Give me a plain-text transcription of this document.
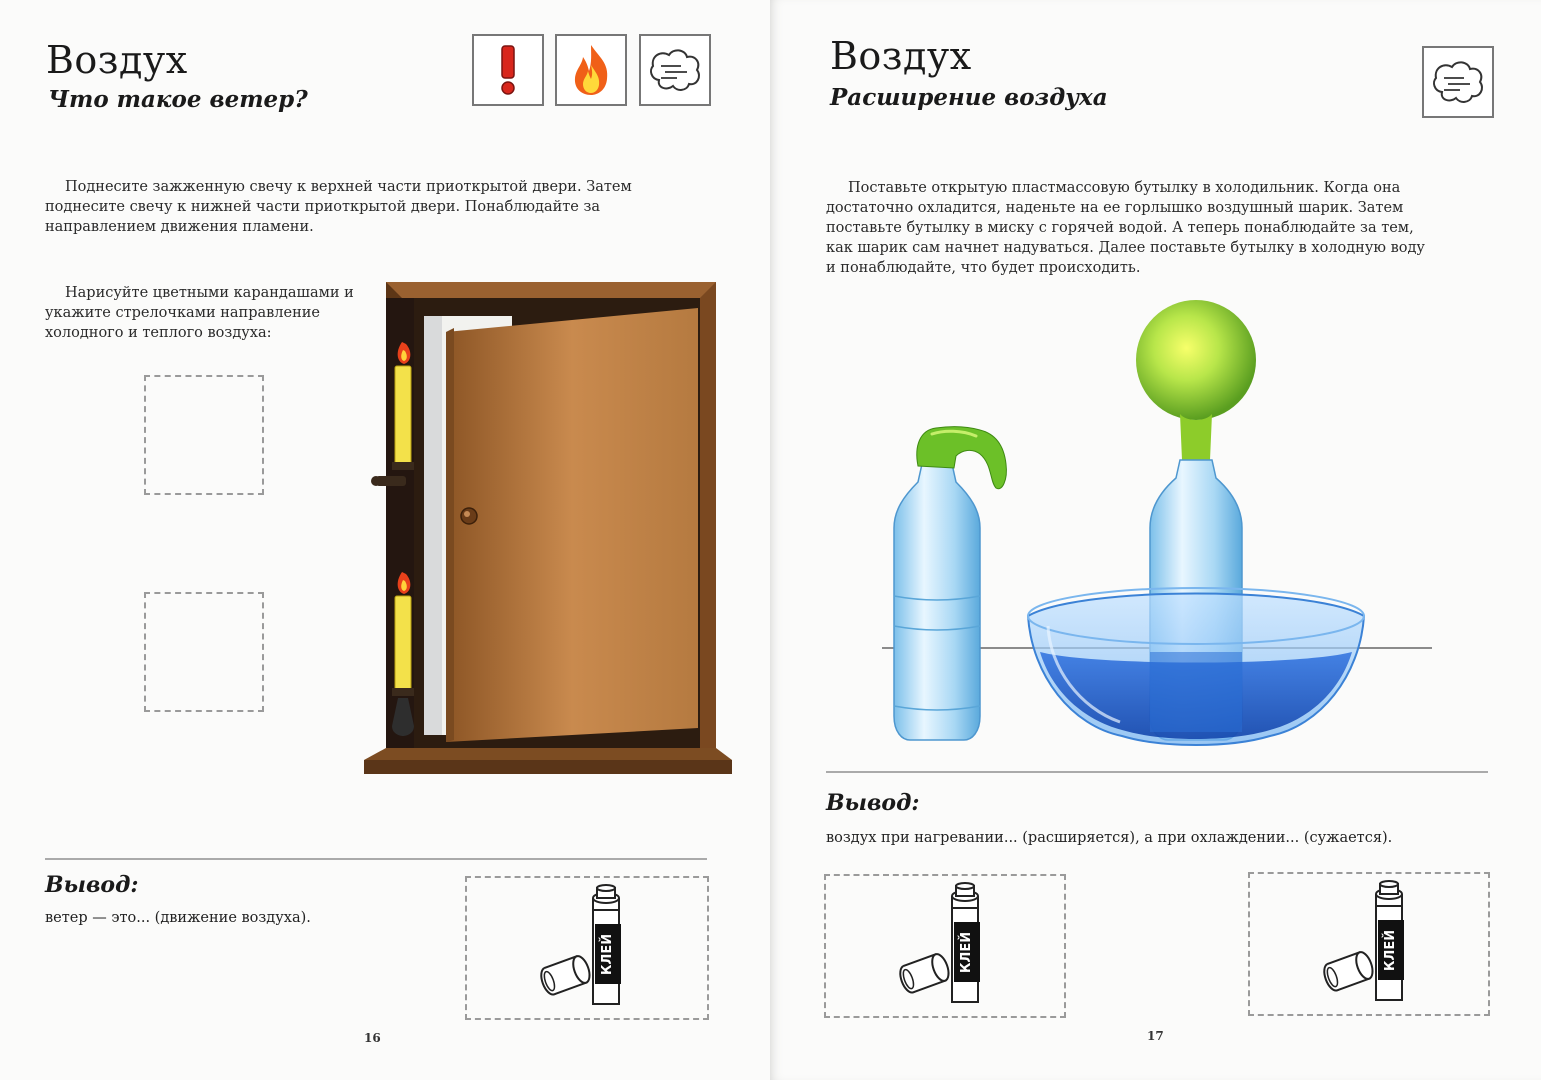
Воздух
Что такое ветер?
Поднесите зажженную свечу к верхней части приоткрытой двери. Затем поднесите свечу к нижней части приоткрытой двери. Понаблюдайте за направлением движения пламени.
Нарисуйте цветными карандашами и укажите стрелочками направление холодного и теплого воздуха:
Вывод:
ветер — это... (движение воздуха).
КЛЕЙ
16
Воздух
Расширение воздуха
Поставьте открытую пластмассовую бутылку в холодильник. Когда она достаточно охладится, наденьте на ее горлышко воздушный шарик. Затем поставьте бутылку в миску с горячей водой. А теперь понаблюдайте за тем, как шарик сам начнет надуваться. Далее поставьте бутылку в холодную воду и понаблюдайте, что будет происходить.
Вывод:
воздух при нагревании... (расширяется), а при охлаждении... (сужается).
КЛЕЙ	КЛЕЙ
17
